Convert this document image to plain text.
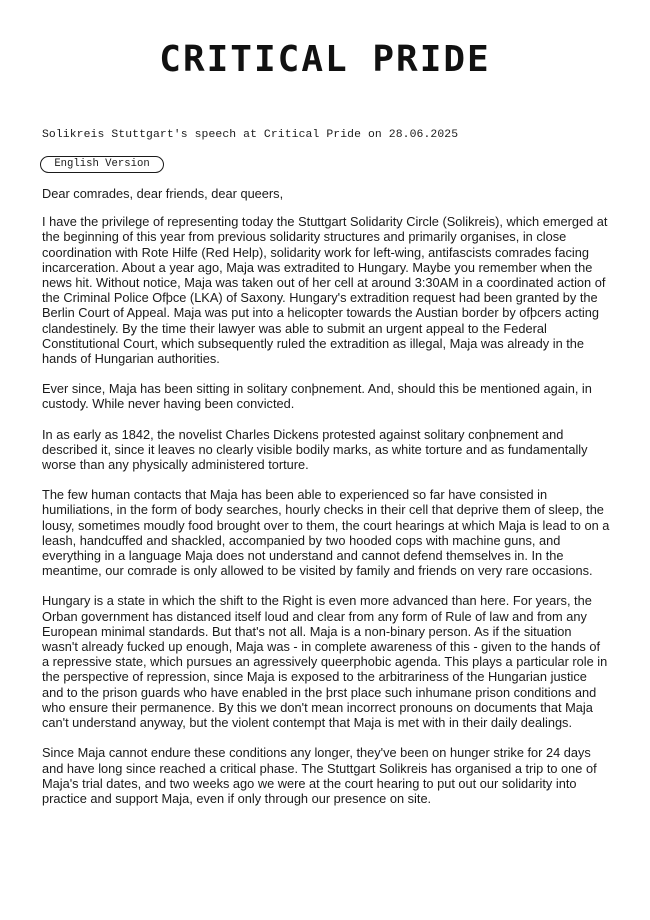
CRITICAL PRIDE
Solikreis Stuttgart's speech at Critical Pride on 28.06.2025
English Version

Dear comrades, dear friends, dear queers,

I have the privilege of representing today the Stuttgart Solidarity Circle (Solikreis), which emerged at the beginning of this year from previous solidarity structures and primarily organises, in close coordination with Rote Hilfe (Red Help), solidarity work for left-wing, antifascists comrades facing incarceration. About a year ago, Maja was extradited to Hungary. Maybe you remember when the news hit. Without notice, Maja was taken out of her cell at around 3:30AM in a coordinated action of the Criminal Police Ofþce (LKA) of Saxony. Hungary's extradition request had been granted by the Berlin Court of Appeal. Maja was put into a helicopter towards the Austian border by ofþcers acting clandestinely. By the time their lawyer was able to submit an urgent appeal to the Federal Constitutional Court, which subsequently ruled the extradition as illegal, Maja was already in the hands of Hungarian authorities.

Ever since, Maja has been sitting in solitary conþnement. And, should this be mentioned again, in custody. While never having been convicted.

In as early as 1842, the novelist Charles Dickens protested against solitary conþnement and described it, since it leaves no clearly visible bodily marks, as white torture and as fundamentally worse than any physically administered torture.

The few human contacts that Maja has been able to experienced so far have consisted in humiliations, in the form of body searches, hourly checks in their cell that deprive them of sleep, the lousy, sometimes moudly food brought over to them, the court hearings at which Maja is lead to on a leash, handcuffed and shackled, accompanied by two hooded cops with machine guns, and everything in a language Maja does not understand and cannot defend themselves in. In the meantime, our comrade is only allowed to be visited by family and friends on very rare occasions.

Hungary is a state in which the shift to the Right is even more advanced than here. For years, the Orban government has distanced itself loud and clear from any form of Rule of law and from any European minimal standards. But that's not all. Maja is a non-binary person. As if the situation wasn't already fucked up enough, Maja was - in complete awareness of this - given to the hands of a repressive state, which pursues an agressively queerphobic agenda. This plays a particular role in the perspective of repression, since Maja is exposed to the arbitrariness of the Hungarian justice and to the prison guards who have enabled in the þrst place such inhumane prison conditions and who ensure their permanence. By this we don't mean incorrect pronouns on documents that Maja can't understand anyway, but the violent contempt that Maja is met with in their daily dealings.

Since Maja cannot endure these conditions any longer, they've been on hunger strike for 24 days and have long since reached a critical phase. The Stuttgart Solikreis has organised a trip to one of Maja's trial dates, and two weeks ago we were at the court hearing to put out our solidarity into practice and support Maja, even if only through our presence on site.
